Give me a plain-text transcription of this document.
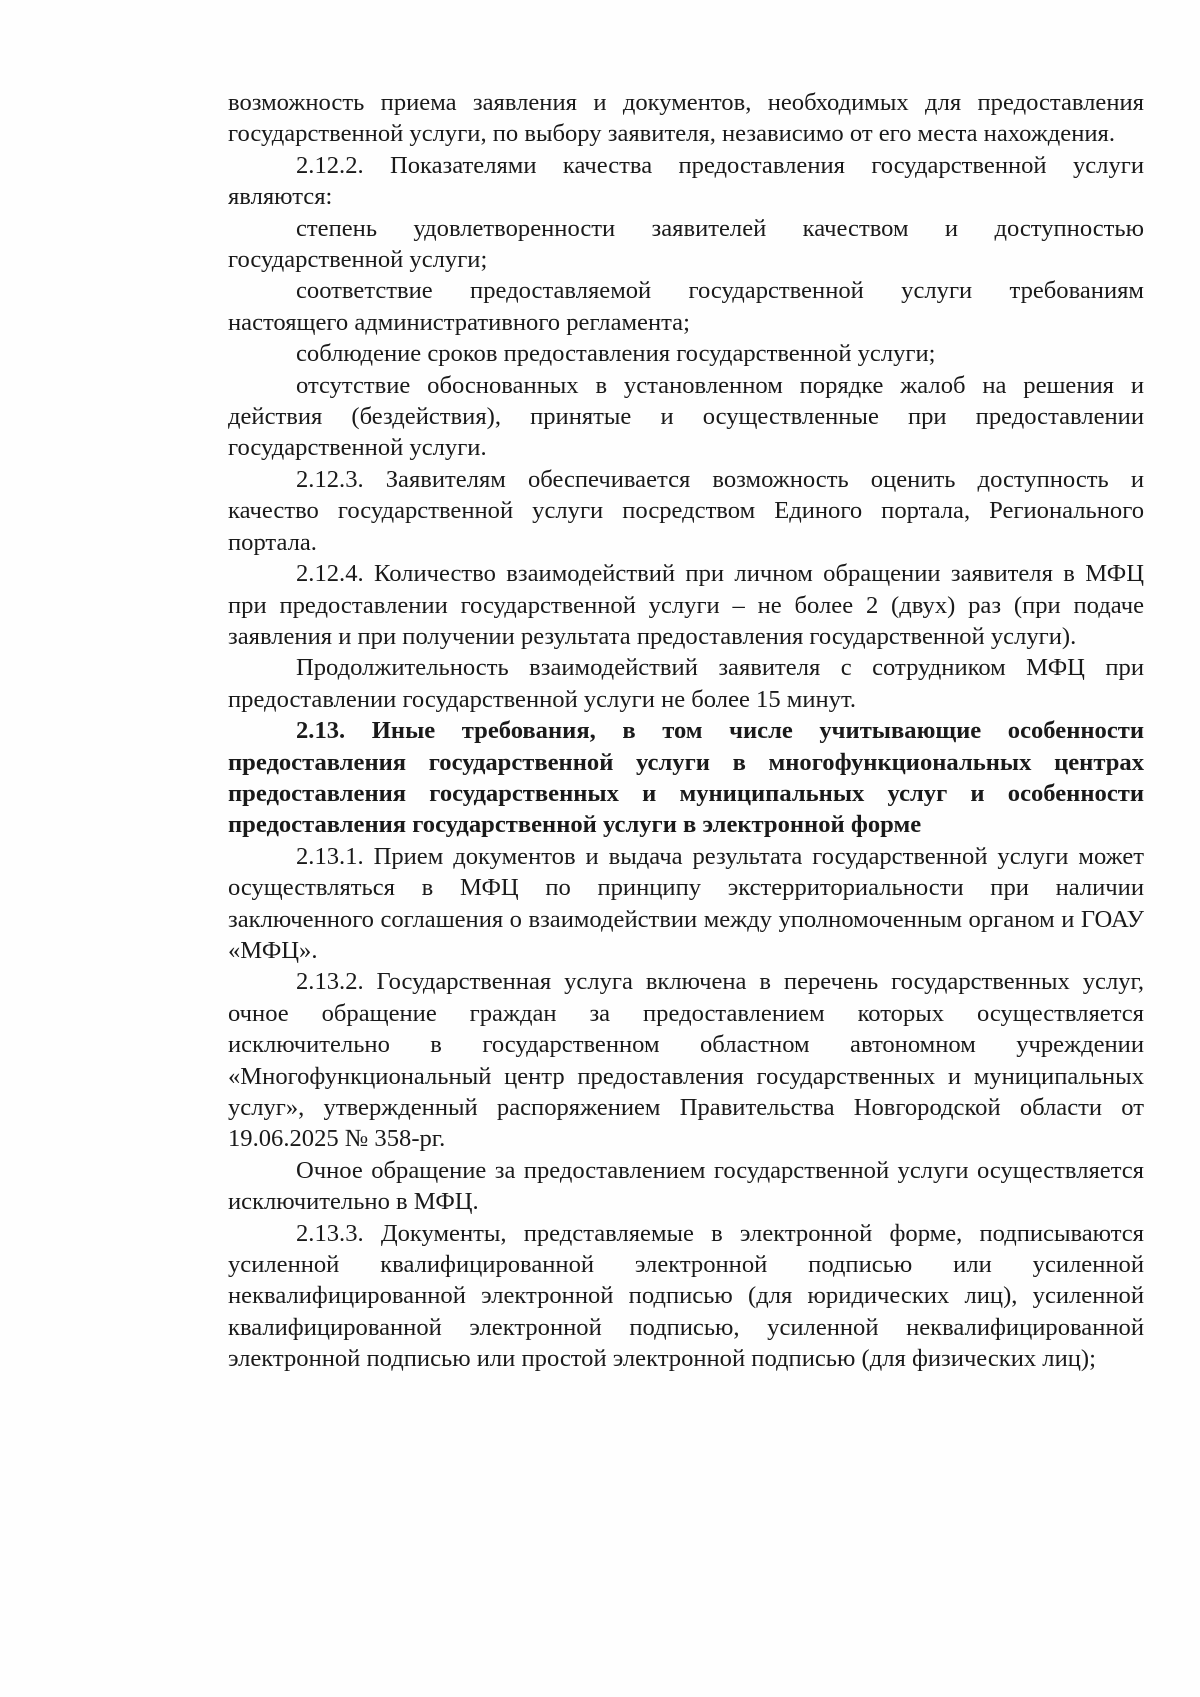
возможность приема заявления и документов, необходимых для предоставления государственной услуги, по выбору заявителя, независимо от его места нахождения.

2.12.2. Показателями качества предоставления государственной услуги являются:

степень удовлетворенности заявителей качеством и доступностью государственной услуги;

соответствие предоставляемой государственной услуги требованиям настоящего административного регламента;

соблюдение сроков предоставления государственной услуги;

отсутствие обоснованных в установленном порядке жалоб на решения и действия (бездействия), принятые и осуществленные при предоставлении государственной услуги.

2.12.3. Заявителям обеспечивается возможность оценить доступность и качество государственной услуги посредством Единого портала, Регионального портала.

2.12.4. Количество взаимодействий при личном обращении заявителя в МФЦ при предоставлении государственной услуги – не более 2 (двух) раз (при подаче заявления и при получении результата предоставления государственной услуги).

Продолжительность взаимодействий заявителя с сотрудником МФЦ при предоставлении государственной услуги не более 15 минут.

2.13. Иные требования, в том числе учитывающие особенности предоставления государственной услуги в многофункциональных центрах предоставления государственных и муниципальных услуг и особенности предоставления государственной услуги в электронной форме

2.13.1. Прием документов и выдача результата государственной услуги может осуществляться в МФЦ по принципу экстерриториальности при наличии заключенного соглашения о взаимодействии между уполномоченным органом и ГОАУ «МФЦ».

2.13.2. Государственная услуга включена в перечень государственных услуг, очное обращение граждан за предоставлением которых осуществляется исключительно в государственном областном автономном учреждении «Многофункциональный центр предоставления государственных и муниципальных услуг», утвержденный распоряжением Правительства Новгородской области от 19.06.2025 № 358-рг.

Очное обращение за предоставлением государственной услуги осуществляется исключительно в МФЦ.

2.13.3. Документы, представляемые в электронной форме, подписываются усиленной квалифицированной электронной подписью или усиленной неквалифицированной электронной подписью (для юридических лиц), усиленной квалифицированной электронной подписью, усиленной неквалифицированной электронной подписью или простой электронной подписью (для физических лиц);
